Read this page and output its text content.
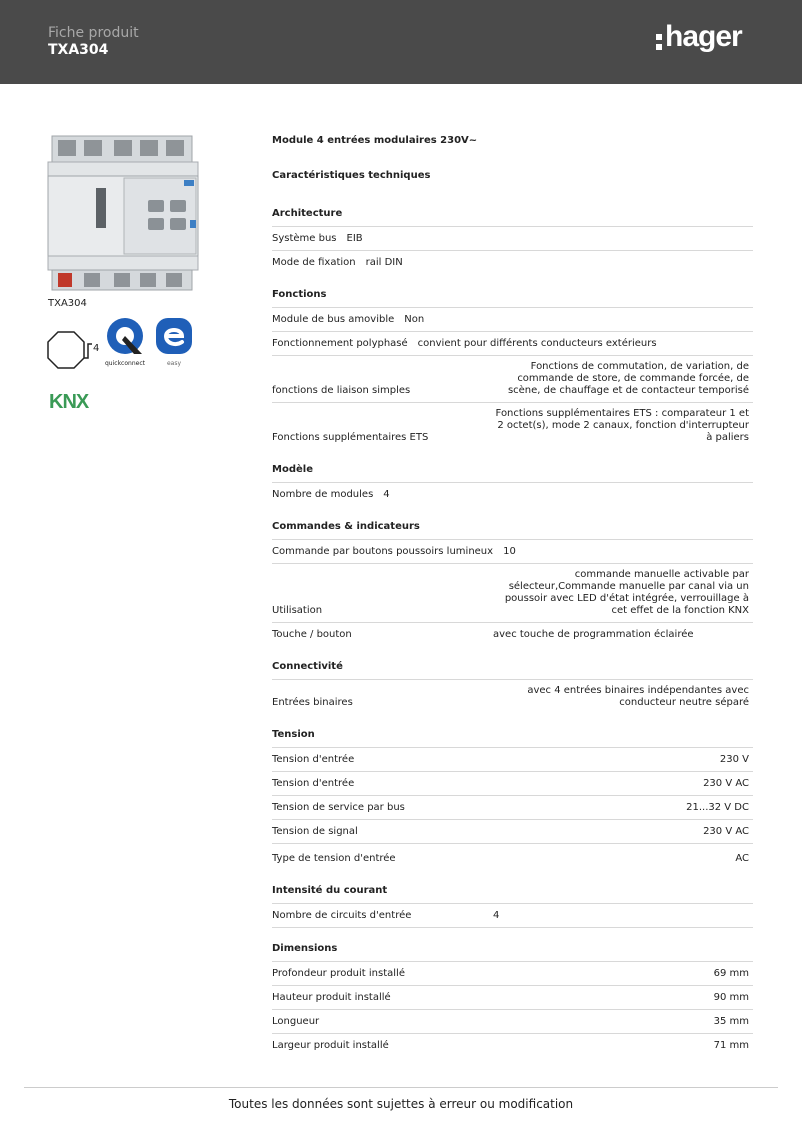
Fiche produit
TXA304	hager
TXA304
4
quickconnect	easy
KNX
Module 4 entrées modulaires 230V~
Caractéristiques techniques
Architecture
Système bus EIB
Mode de fixation rail DIN
Fonctions
Module de bus amovible Non
Fonctionnement polyphasé convient pour différents conducteurs extérieurs
fonctions de liaison simples
Fonctions de commutation, de variation, de commande de store, de commande forcée, de scène, de chauffage et de contacteur temporisé
Fonctions supplémentaires ETS
Fonctions supplémentaires ETS : comparateur 1 et 2 octet(s), mode 2 canaux, fonction d'interrupteur à paliers
Modèle
Nombre de modules 4
Commandes & indicateurs
Commande par boutons poussoirs lumineux 10
Utilisation
commande manuelle activable par sélecteur,Commande manuelle par canal via un poussoir avec LED d'état intégrée, verrouillage à cet effet de la fonction KNX
Touche / bouton	avec touche de programmation éclairée
Connectivité
Entrées binaires
avec 4 entrées binaires indépendantes avec conducteur neutre séparé
Tension
Tension d'entrée	230 V
Tension d'entrée	230 V AC
Tension de service par bus	21...32 V DC
Tension de signal	230 V AC
Type de tension d'entrée	AC
Intensité du courant
Nombre de circuits d'entrée	4
Dimensions
Profondeur produit installé	69 mm
Hauteur produit installé	90 mm
Longueur	35 mm
Largeur produit installé	71 mm
Toutes les données sont sujettes à erreur ou modification
